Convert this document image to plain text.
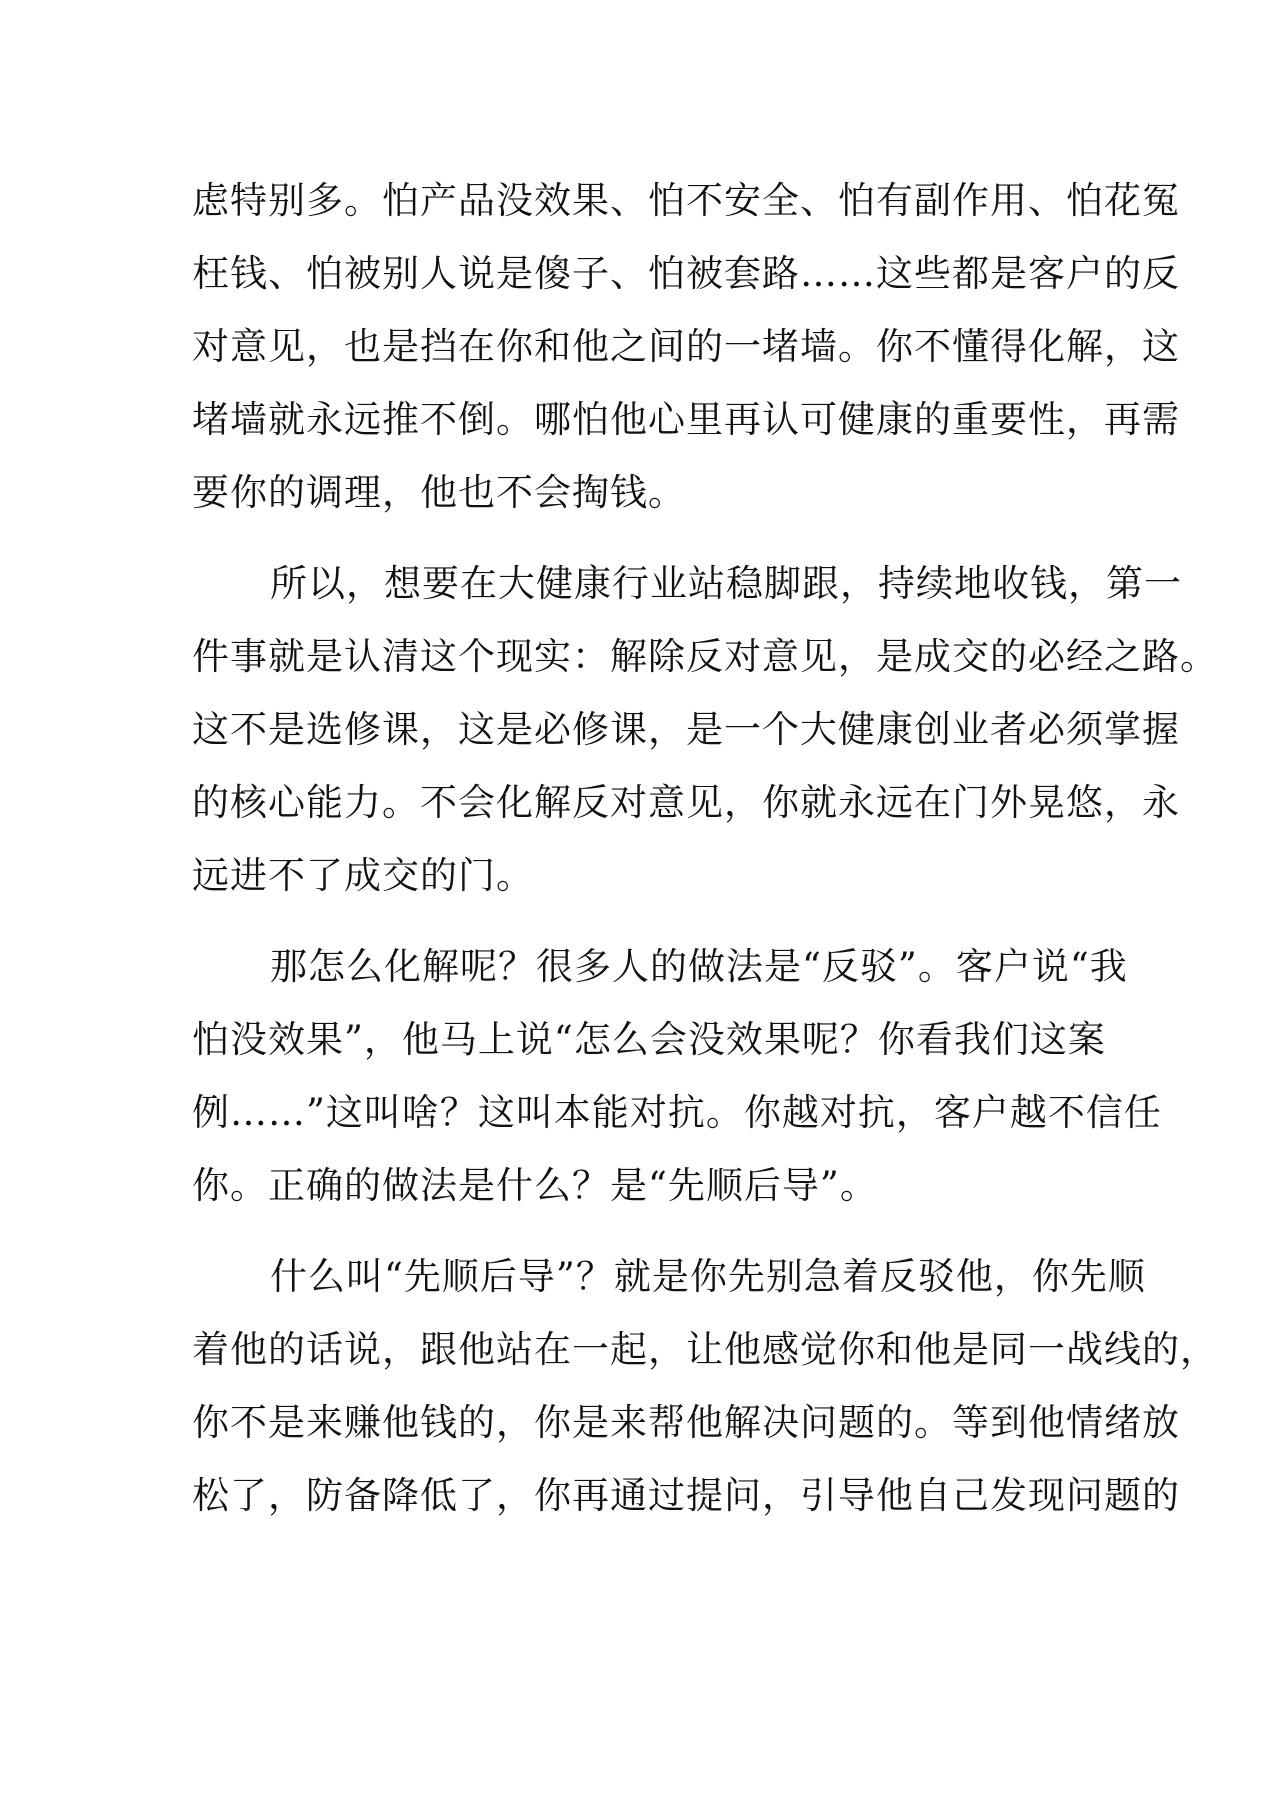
虑特别多。怕产品没效果、怕不安全、怕有副作用、怕花冤
枉钱、怕被别人说是傻子、怕被套路……这些都是客户的反
对意见，也是挡在你和他之间的一堵墙。你不懂得化解，这
堵墙就永远推不倒。哪怕他心里再认可健康的重要性，再需
要你的调理，他也不会掏钱。
所以，想要在大健康行业站稳脚跟，持续地收钱，第一
件事就是认清这个现实：解除反对意见，是成交的必经之路。
这不是选修课，这是必修课，是一个大健康创业者必须掌握
的核心能力。不会化解反对意见，你就永远在门外晃悠，永
远进不了成交的门。
那怎么化解呢？很多人的做法是“反驳”。客户说“我
怕没效果”，他马上说“怎么会没效果呢？你看我们这案
例……”这叫啥？这叫本能对抗。你越对抗，客户越不信任
你。正确的做法是什么？是“先顺后导”。
什么叫“先顺后导”？就是你先别急着反驳他，你先顺
着他的话说，跟他站在一起，让他感觉你和他是同一战线的，
你不是来赚他钱的，你是来帮他解决问题的。等到他情绪放
松了，防备降低了，你再通过提问，引导他自己发现问题的
